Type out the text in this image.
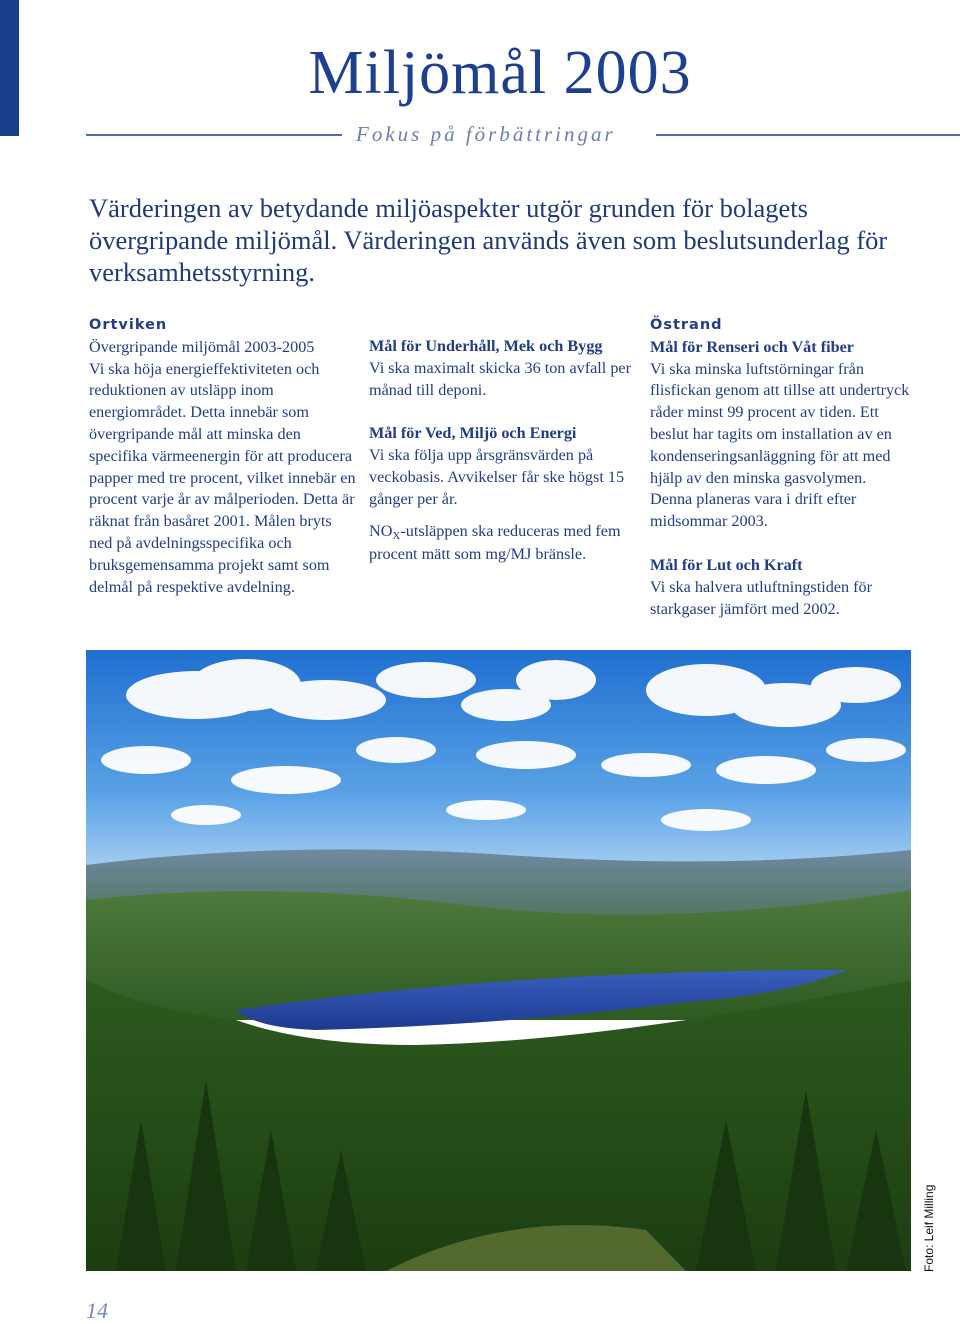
Miljömål 2003
Fokus på förbättringar

Värderingen av betydande miljöaspekter utgör grunden för bolagets övergripande miljömål. Värderingen används även som beslutsunderlag för verksamhetsstyrning.

Ortviken
Övergripande miljömål 2003-2005

Vi ska höja energieffektiviteten och reduktionen av utsläpp inom energiområdet. Detta innebär som övergripande mål att minska den specifika värmeenergin för att producera papper med tre procent, vilket innebär en procent varje år av målperioden. Detta är räknat från basåret 2001. Målen bryts ned på avdelningsspecifika och bruksgemensamma projekt samt som delmål på respektive avdelning.

Mål för Underhåll, Mek och Bygg

Vi ska maximalt skicka 36 ton avfall per månad till deponi.

Mål för Ved, Miljö och Energi

Vi ska följa upp årsgränsvärden på veckobasis. Avvikelser får ske högst 15 gånger per år.

NOX-utsläppen ska reduceras med fem procent mätt som mg/MJ bränsle.

Östrand
Mål för Renseri och Våt fiber

Vi ska minska luftstörningar från flisfickan genom att tillse att undertryck råder minst 99 procent av tiden. Ett beslut har tagits om installation av en kondenseringsanläggning för att med hjälp av den minska gasvolymen. Denna planeras vara i drift efter midsommar 2003.

Mål för Lut och Kraft

Vi ska halvera utluftningstiden för starkgaser jämfört med 2002.

Foto: Leif Milling
14
